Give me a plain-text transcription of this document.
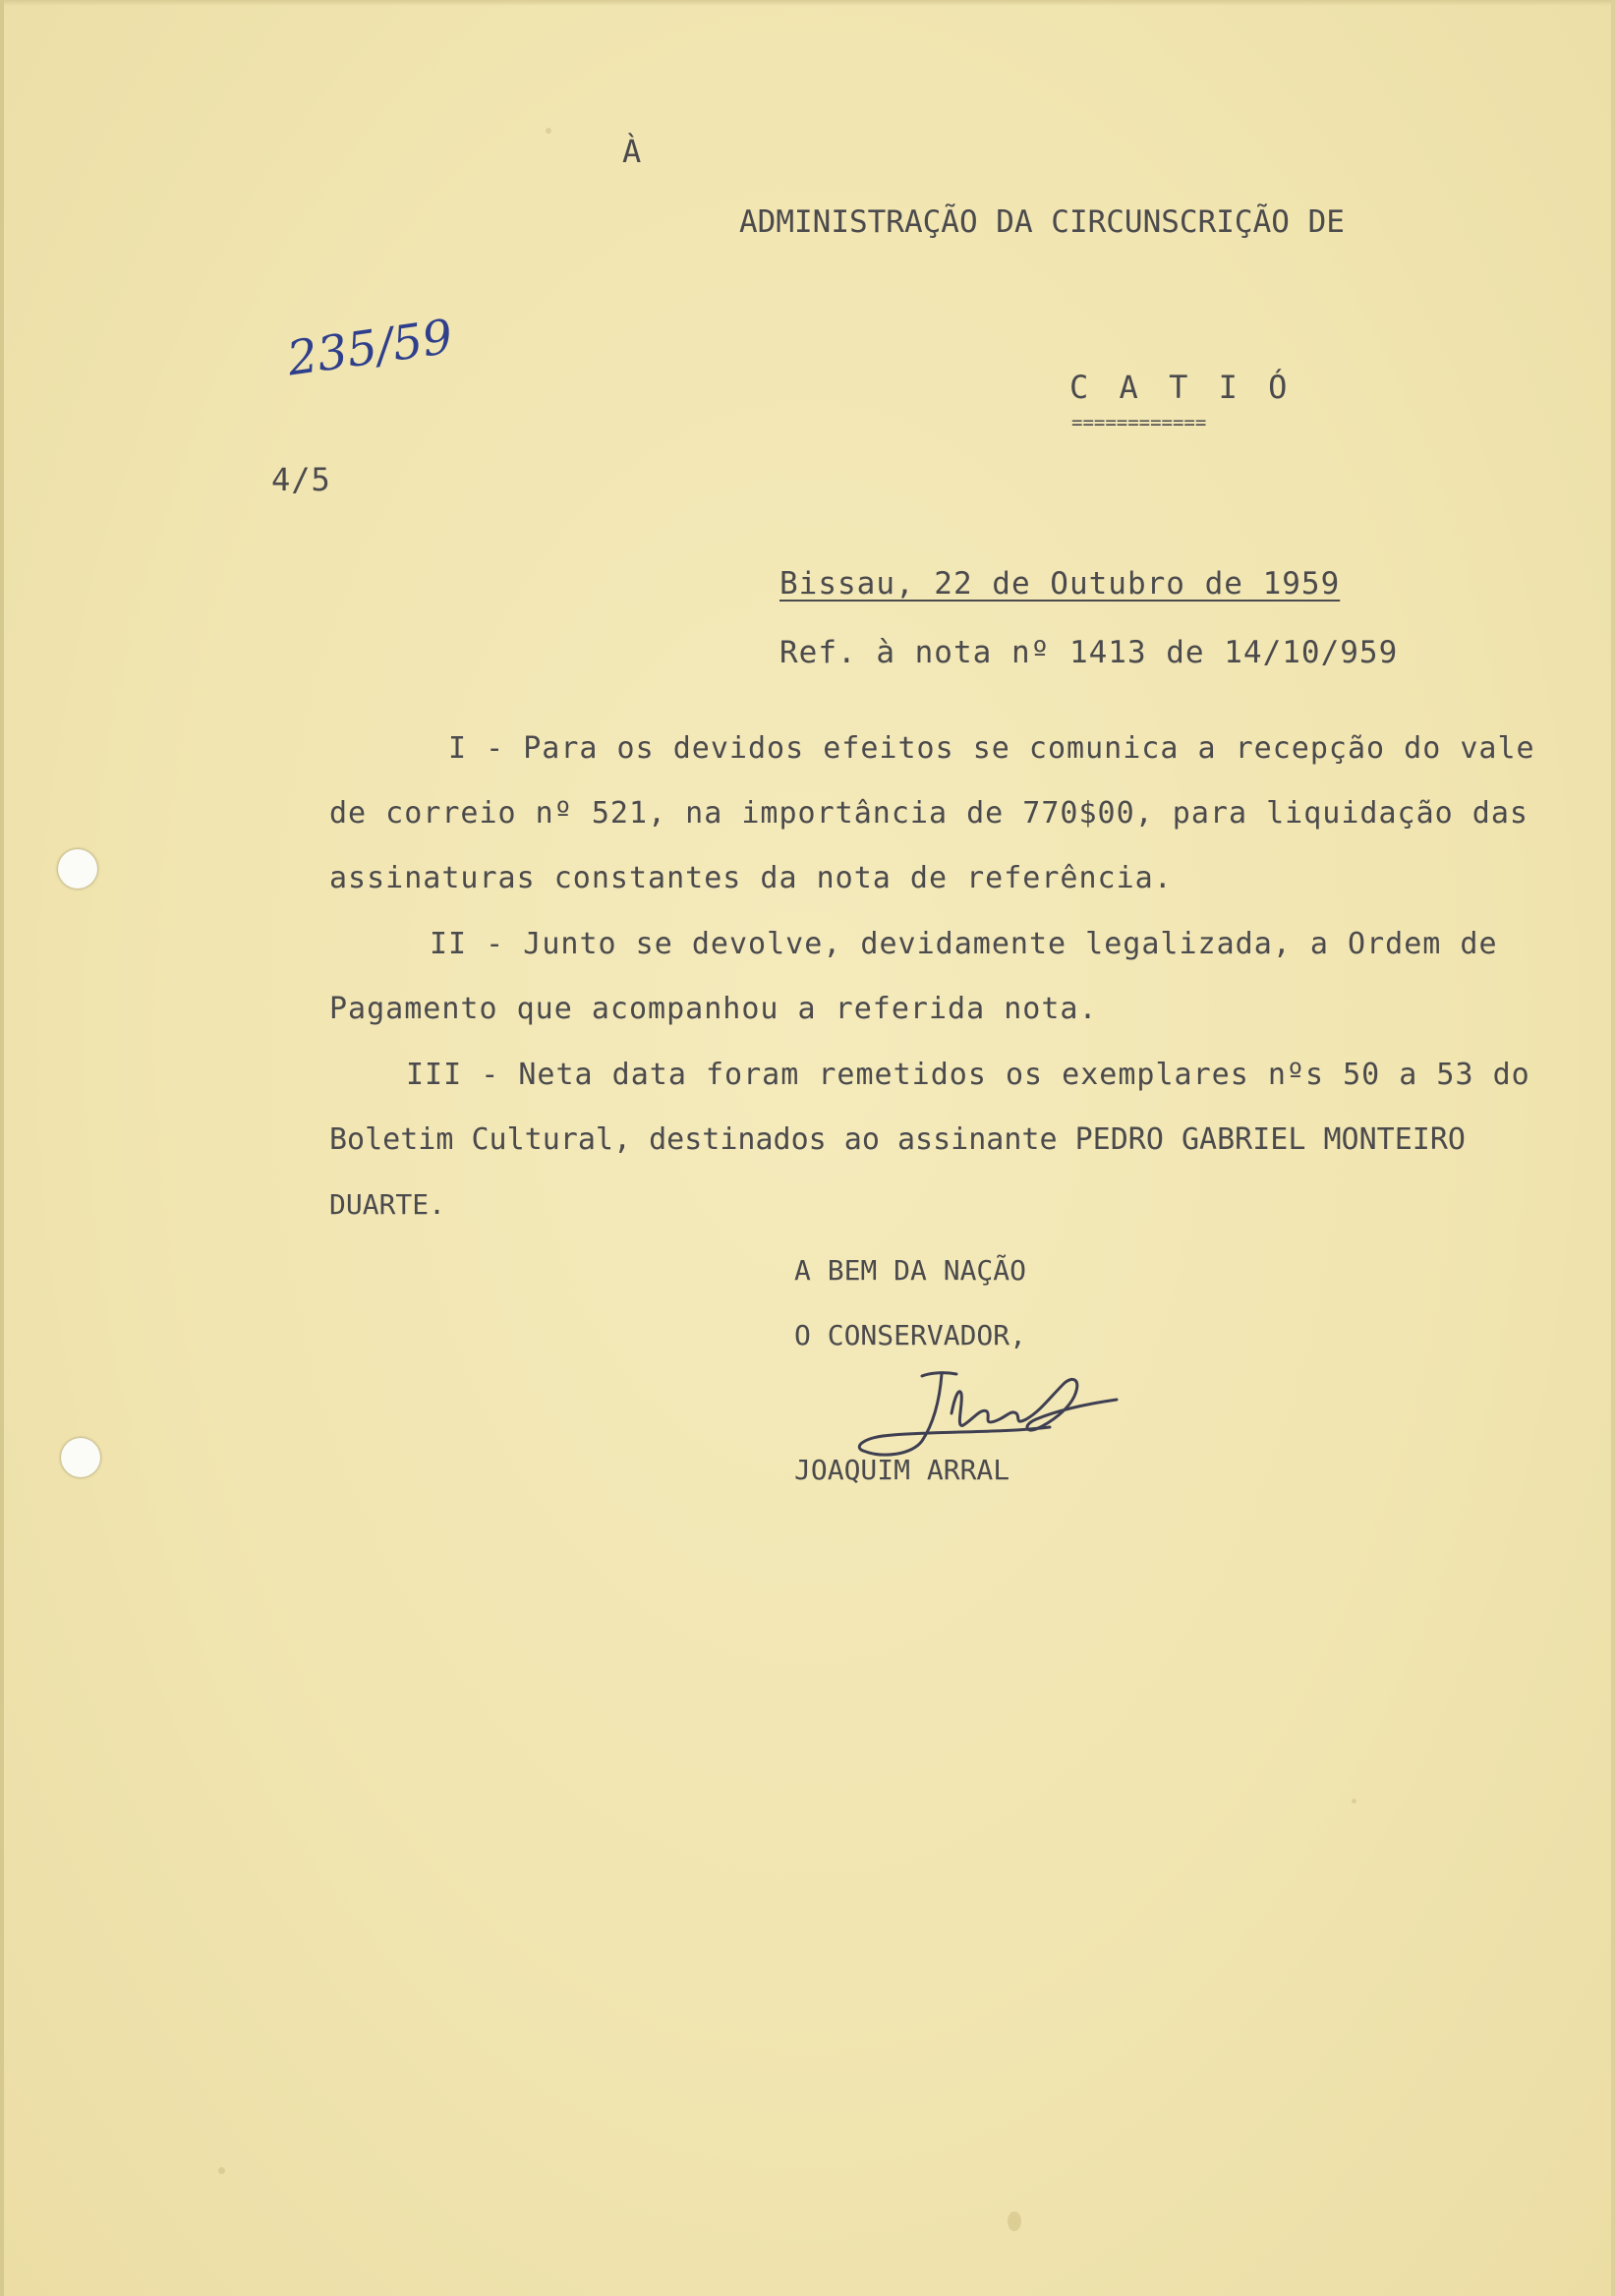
À
ADMINISTRAÇÃO DA CIRCUNSCRIÇÃO DE
235/59
C A T I Ó
============
4/5
Bissau, 22 de Outubro de 1959
Ref. à nota nº 1413 de 14/10/959
I - Para os devidos efeitos se comunica a recepção do vale
de correio nº 521, na importância de 770$00, para liquidação das
assinaturas constantes da nota de referência.
II - Junto se devolve, devidamente legalizada, a Ordem de
Pagamento que acompanhou a referida nota.
III - Neta data foram remetidos os exemplares nºs 50 a 53 do
Boletim Cultural, destinados ao assinante PEDRO GABRIEL MONTEIRO
DUARTE.
A BEM DA NAÇÃO
O CONSERVADOR,
JOAQUIM ARRAL
